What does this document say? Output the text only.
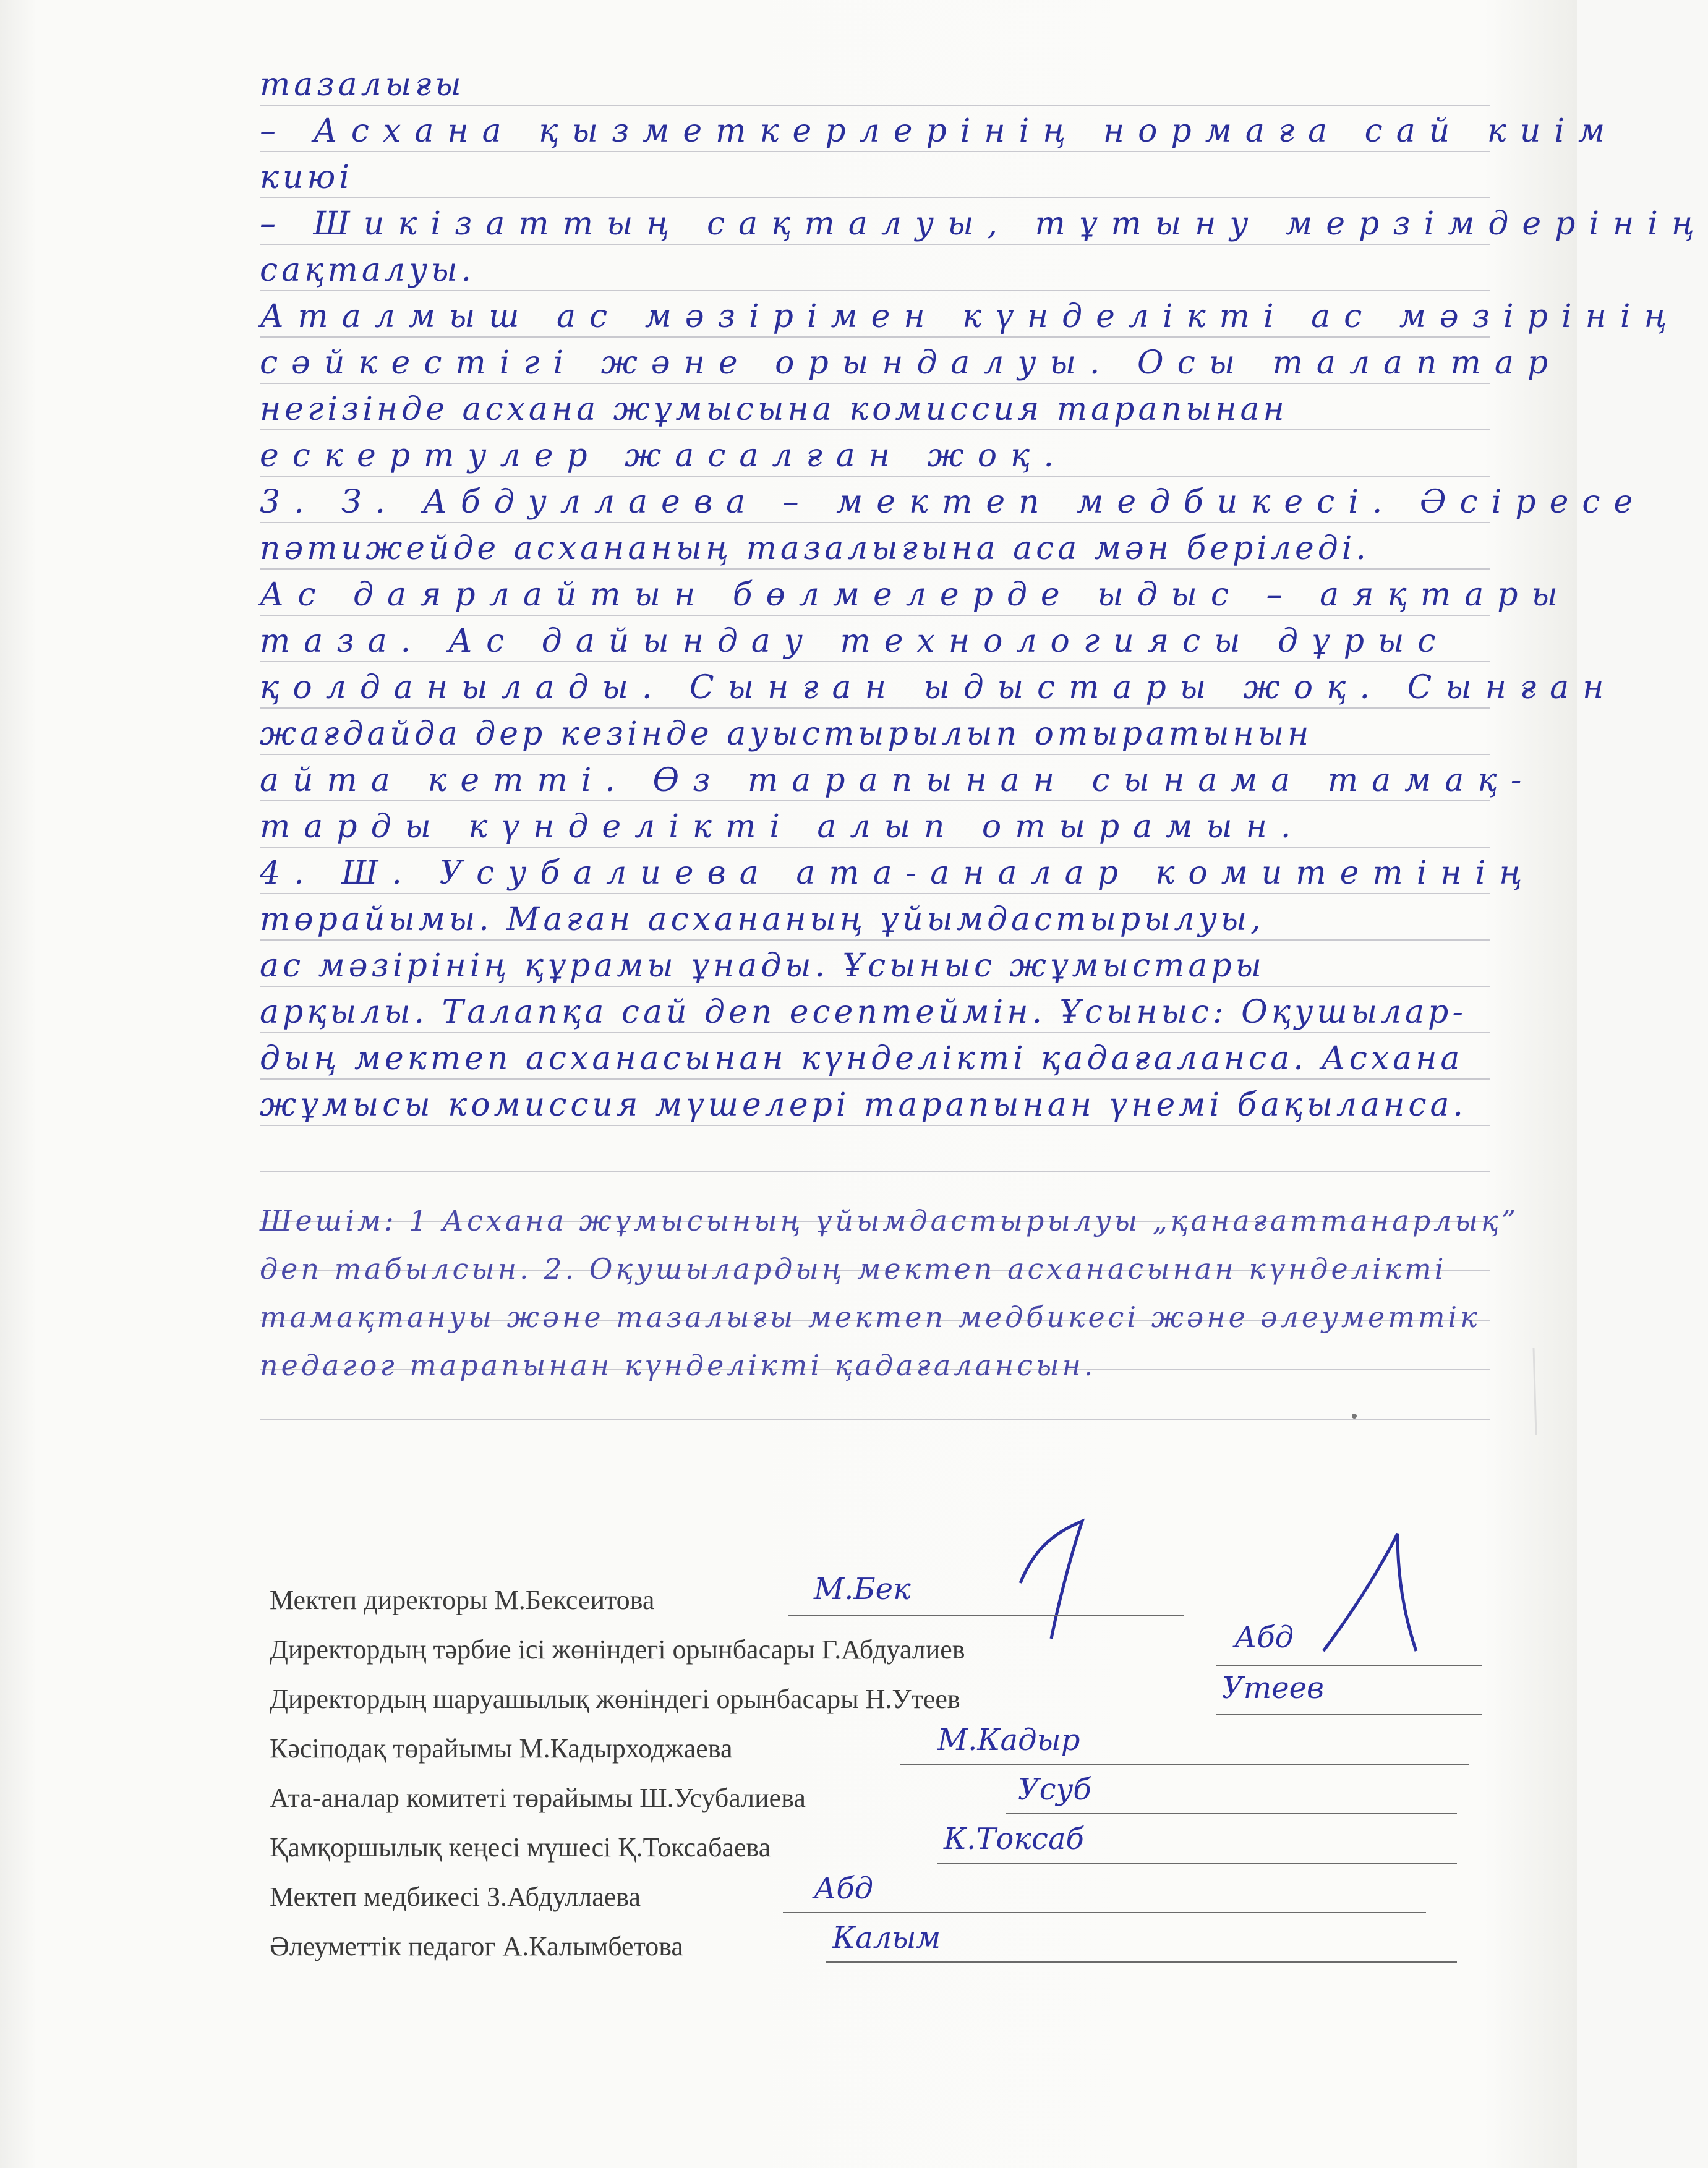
тазалығы
– Асхана қызметкерлерінің нормаға сай киім
киюі
– Шикізаттың сақталуы, тұтыну мерзімдерінің
сақталуы.
Аталмыш ас мәзірімен күнделікті ас мәзірінің
сәйкестігі және орындалуы. Осы талаптар
негізінде асхана жұмысына комиссия тарапынан
ескертулер жасалған жоқ.
3. З. Абдуллаева – мектеп медбикесі. Әсіресе
пәтижейде асхананың тазалығына аса мән беріледі.
Ас даярлайтын бөлмелерде ыдыс – аяқтары
таза. Ас дайындау технологиясы дұрыс
қолданылады. Сынған ыдыстары жоқ. Сынған
жағдайда дер кезінде ауыстырылып отыратынын
айта кетті. Өз тарапынан сынама тамақ-
тарды күнделікті алып отырамын.
4. Ш. Усубалиева ата-аналар комитетінің
төрайымы. Маған асхананың ұйымдастырылуы,
ас мәзірінің құрамы ұнады. Ұсыныс жұмыстары
арқылы. Талапқа сай деп есептеймін. Ұсыныс: Оқушылар-
дың мектеп асханасынан күнделікті қадағаланса. Асхана
жұмысы комиссия мүшелері тарапынан үнемі бақыланса.
Шешім: 1 Асхана жұмысының ұйымдастырылуы „қанағаттанарлық”
деп табылсын. 2. Оқушылардың мектеп асханасынан күнделікті
тамақтануы және тазалығы мектеп медбикесі және әлеуметтік
педагог тарапынан күнделікті қадағалансын.
Мектеп директоры М.Бексеитова	М.Бек
Директордың тәрбие ісі жөніндегі орынбасары Г.Абдуалиев	Абд
Директордың шаруашылық жөніндегі орынбасары Н.Утеев	Утеев
Кәсіподақ төрайымы М.Кадырходжаева	М.Кадыр
Ата-аналар комитеті төрайымы Ш.Усубалиева	Усуб
Қамқоршылық кеңесі мүшесі Қ.Токсабаева	К.Токсаб
Мектеп медбикесі З.Абдуллаева	Абд
Әлеуметтік педагог А.Калымбетова	Калым
